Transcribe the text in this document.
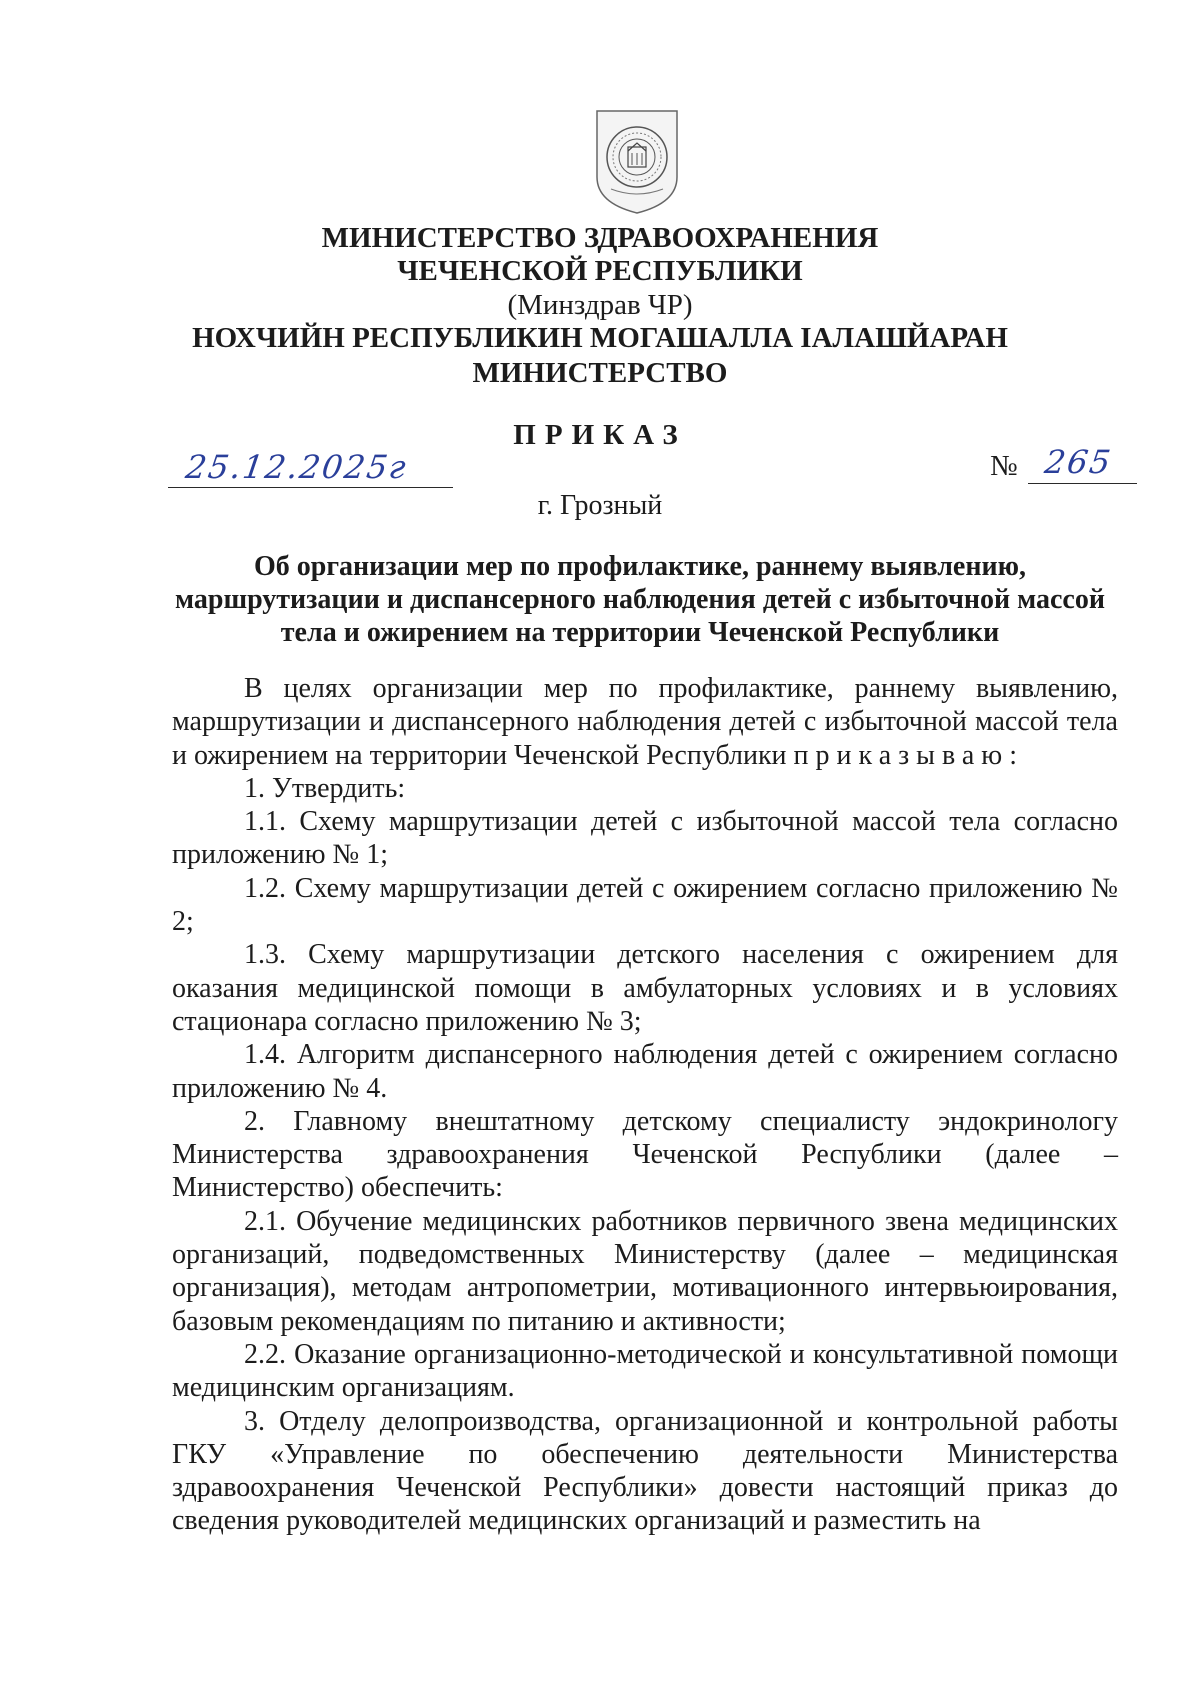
МИНИСТЕРСТВО ЗДРАВООХРАНЕНИЯ
ЧЕЧЕНСКОЙ РЕСПУБЛИКИ
(Минздрав ЧР)
НОХЧИЙН РЕСПУБЛИКИН МОГАШАЛЛА ІАЛАШЙАРАН
МИНИСТЕРСТВО
ПРИКАЗ
25.12.2025г	№ 265
г. Грозный
Об организации мер по профилактике, раннему выявлению, маршрутизации и диспансерного наблюдения детей с избыточной массой тела и ожирением на территории Чеченской Республики

В целях организации мер по профилактике, раннему выявлению, маршрутизации и диспансерного наблюдения детей с избыточной массой тела и ожирением на территории Чеченской Республики приказываю:

1. Утвердить:

1.1. Схему маршрутизации детей с избыточной массой тела согласно приложению № 1;

1.2. Схему маршрутизации детей с ожирением согласно приложению № 2;

1.3. Схему маршрутизации детского населения с ожирением для оказания медицинской помощи в амбулаторных условиях и в условиях стационара согласно приложению № 3;

1.4. Алгоритм диспансерного наблюдения детей с ожирением согласно приложению № 4.

2. Главному внештатному детскому специалисту эндокринологу Министерства здравоохранения Чеченской Республики (далее – Министерство) обеспечить:

2.1. Обучение медицинских работников первичного звена медицинских организаций, подведомственных Министерству (далее – медицинская организация), методам антропометрии, мотивационного интервьюирования, базовым рекомендациям по питанию и активности;

2.2. Оказание организационно-методической и консультативной помощи медицинским организациям.

3. Отделу делопроизводства, организационной и контрольной работы ГКУ «Управление по обеспечению деятельности Министерства здравоохранения Чеченской Республики» довести настоящий приказ до сведения руководителей медицинских организаций и разместить на
